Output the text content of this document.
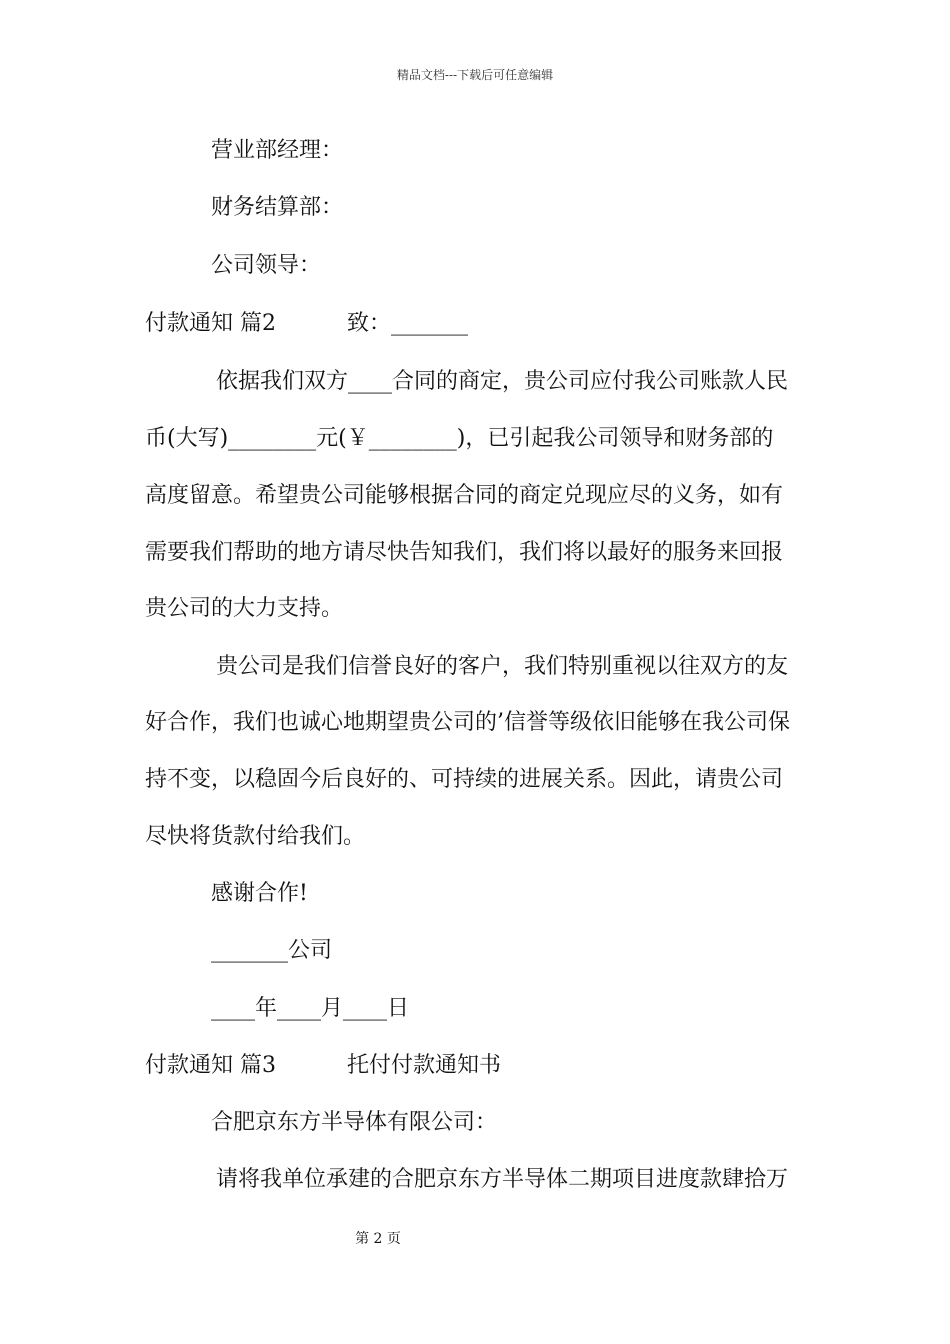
精品文档---下载后可任意编辑
营业部经理：
财务结算部：
公司领导：
付款通知 篇2	致：_______
依据我们双方____合同的商定，贵公司应付我公司账款人民
币(大写)________元(￥________)，已引起我公司领导和财务部的
高度留意。希望贵公司能够根据合同的商定兑现应尽的义务，如有
需要我们帮助的地方请尽快告知我们，我们将以最好的服务来回报
贵公司的大力支持。
贵公司是我们信誉良好的客户，我们特别重视以往双方的友
好合作，我们也诚心地期望贵公司的’信誉等级依旧能够在我公司保
持不变，以稳固今后良好的、可持续的进展关系。因此，请贵公司
尽快将货款付给我们。
感谢合作!
_______公司
____年____月____日
付款通知 篇3	托付付款通知书
合肥京东方半导体有限公司：
请将我单位承建的合肥京东方半导体二期项目进度款肆拾万
第 2 页
